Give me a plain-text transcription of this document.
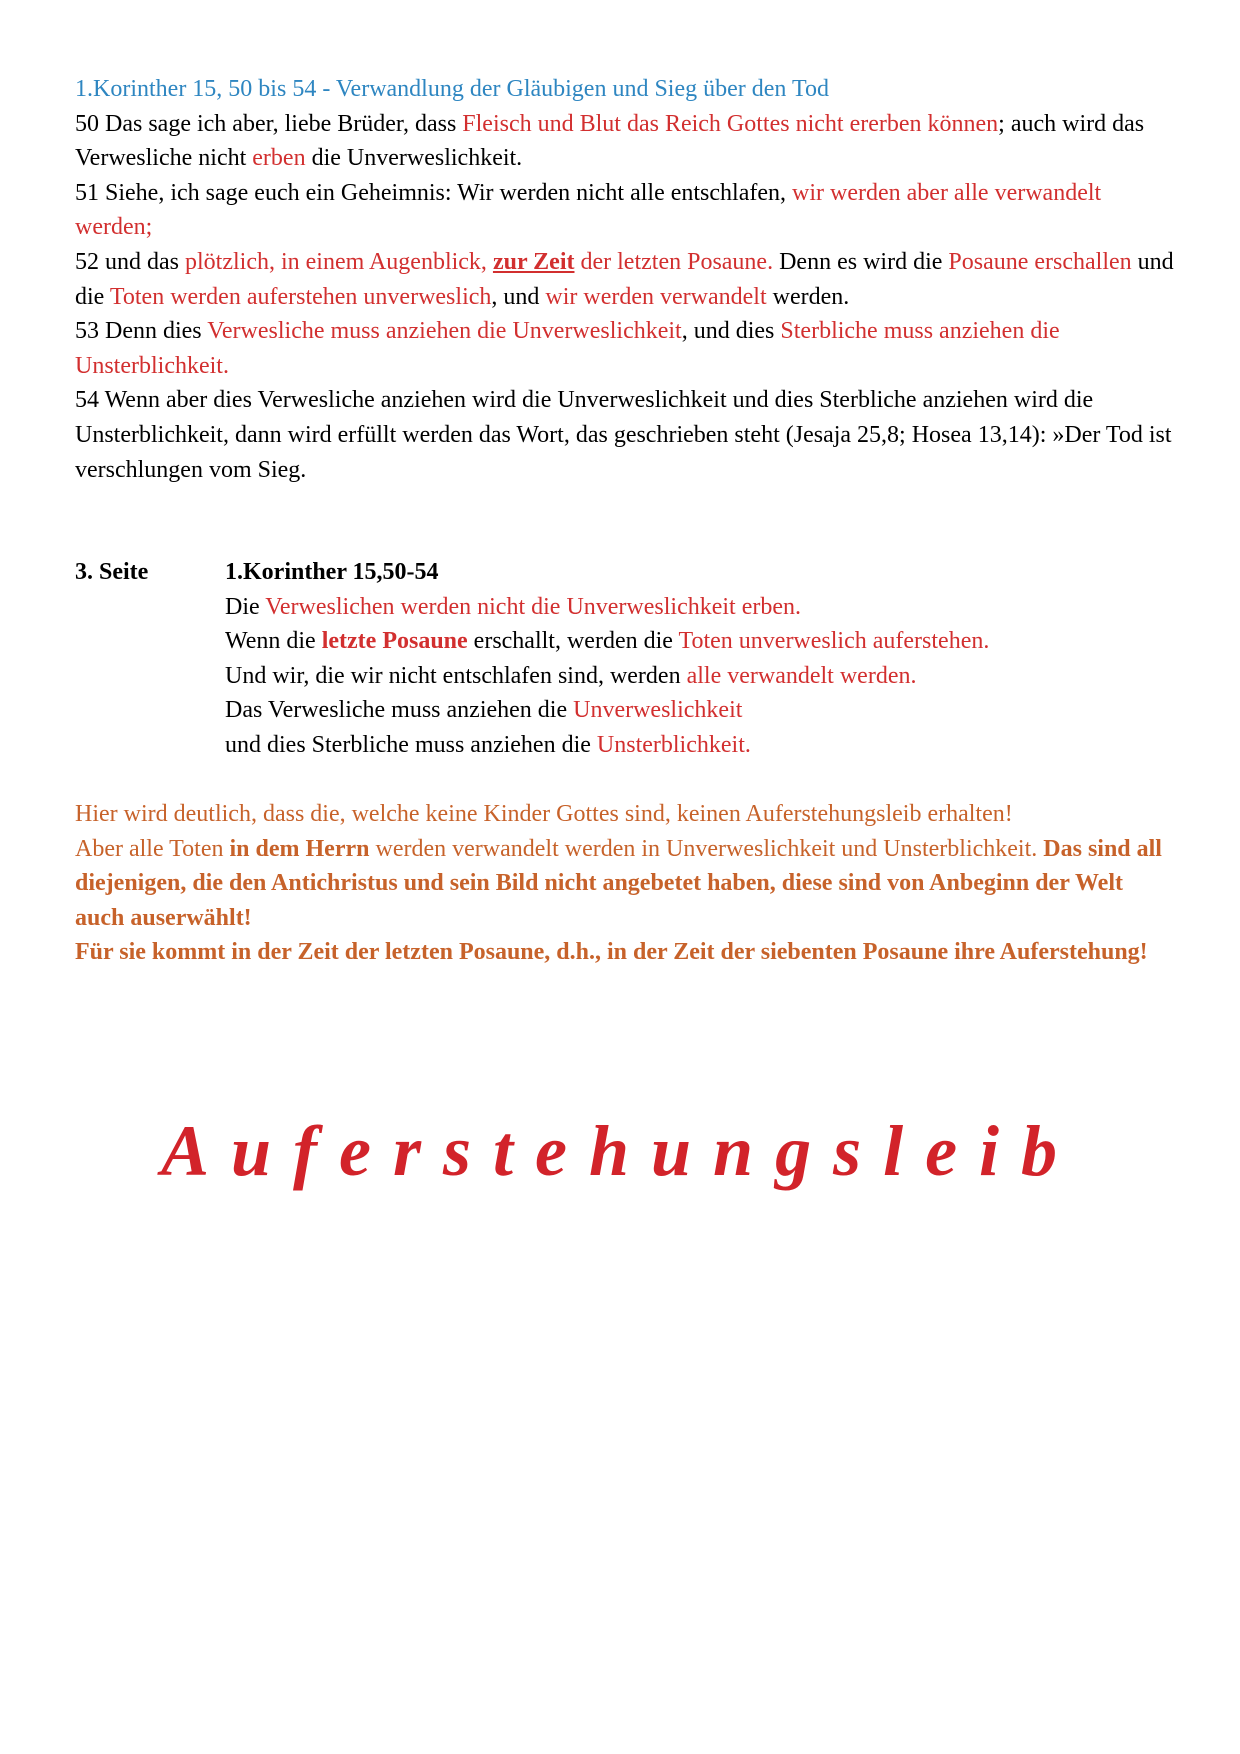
1.Korinther 15, 50 bis 54 - Verwandlung der Gläubigen und Sieg über den Tod

50 Das sage ich aber, liebe Brüder, dass Fleisch und Blut das Reich Gottes nicht ererben können; auch wird das Verwesliche nicht erben die Unverweslichkeit.

51 Siehe, ich sage euch ein Geheimnis: Wir werden nicht alle entschlafen, wir werden aber alle verwandelt werden;

52 und das plötzlich, in einem Augenblick, zur Zeit der letzten Posaune. Denn es wird die Posaune erschallen und die Toten werden auferstehen unverweslich, und wir werden verwandelt werden.

53 Denn dies Verwesliche muss anziehen die Unverweslichkeit, und dies Sterbliche muss anziehen die Unsterblichkeit.

54 Wenn aber dies Verwesliche anziehen wird die Unverweslichkeit und dies Sterbliche anziehen wird die Unsterblichkeit, dann wird erfüllt werden das Wort, das geschrieben steht (Jesaja 25,8; Hosea 13,14): »Der Tod ist verschlungen vom Sieg.

3. Seite	1.Korinther 15,50-54

Die Verweslichen werden nicht die Unverweslichkeit erben.

Wenn die letzte Posaune erschallt, werden die Toten unverweslich auferstehen.

Und wir, die wir nicht entschlafen sind, werden alle verwandelt werden.

Das Verwesliche muss anziehen die Unverweslichkeit

und dies Sterbliche muss anziehen die Unsterblichkeit.

Hier wird deutlich, dass die, welche keine Kinder Gottes sind, keinen Auferstehungsleib erhalten!

Aber alle Toten in dem Herrn werden verwandelt werden in Unverweslichkeit und Unsterblichkeit. Das sind all diejenigen, die den Antichristus und sein Bild nicht angebetet haben, diese sind von Anbeginn der Welt auch auserwählt!

Für sie kommt in der Zeit der letzten Posaune, d.h., in der Zeit der siebenten Posaune ihre Auferstehung!

Auferstehungsleib
